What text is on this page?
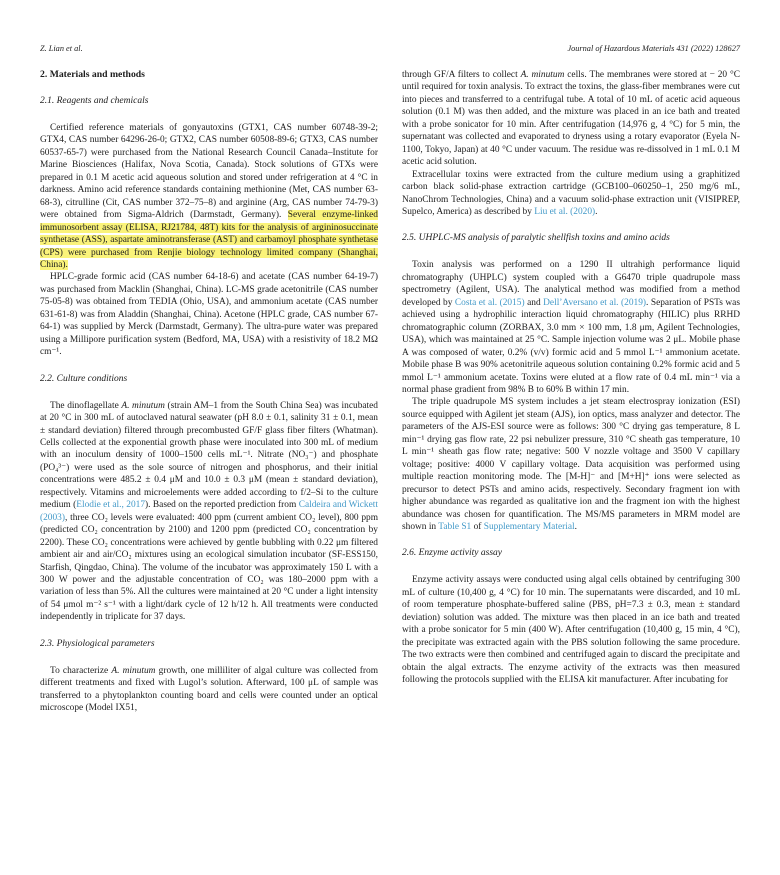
Z. Lian et al.	Journal of Hazardous Materials 431 (2022) 128627
2. Materials and methods
2.1. Reagents and chemicals

Certified reference materials of gonyautoxins (GTX1, CAS number 60748-39-2; GTX4, CAS number 64296-26-0; GTX2, CAS number 60508-89-6; GTX3, CAS number 60537-65-7) were purchased from the National Research Council Canada–Institute for Marine Biosciences (Halifax, Nova Scotia, Canada). Stock solutions of GTXs were prepared in 0.1 M acetic acid aqueous solution and stored under refrigeration at 4 °C in darkness. Amino acid reference standards containing methionine (Met, CAS number 63-68-3), citrulline (Cit, CAS number 372–75–8) and arginine (Arg, CAS number 74-79-3) were obtained from Sigma-Aldrich (Darmstadt, Germany). Several enzyme-linked immunosorbent assay (ELISA, RJ21784, 48T) kits for the analysis of argininosuccinate synthetase (ASS), aspartate aminotransferase (AST) and carbamoyl phosphate synthetase (CPS) were purchased from Renjie biology technology limited company (Shanghai, China).

HPLC-grade formic acid (CAS number 64-18-6) and acetate (CAS number 64-19-7) was purchased from Macklin (Shanghai, China). LC-MS grade acetonitrile (CAS number 75-05-8) was obtained from TEDIA (Ohio, USA), and ammonium acetate (CAS number 631-61-8) was from Aladdin (Shanghai, China). Acetone (HPLC grade, CAS number 67-64-1) was supplied by Merck (Darmstadt, Germany). The ultra-pure water was prepared using a Millipore purification system (Bedford, MA, USA) with a resistivity of 18.2 MΩ cm⁻¹.

2.2. Culture conditions

The dinoflagellate A. minutum (strain AM–1 from the South China Sea) was incubated at 20 °C in 300 mL of autoclaved natural seawater (pH 8.0 ± 0.1, salinity 31 ± 0.1, mean ± standard deviation) filtered through precombusted GF/F glass fiber filters (Whatman). Cells collected at the exponential growth phase were inoculated into 300 mL of medium with an inoculum density of 1000–1500 cells mL⁻¹. Nitrate (NO₃⁻) and phosphate (PO₄³⁻) were used as the sole source of nitrogen and phosphorus, and their initial concentrations were 485.2 ± 0.4 μM and 10.0 ± 0.3 μM (mean ± standard deviation), respectively. Vitamins and microelements were added according to f/2–Si to the culture medium (Elodie et al., 2017). Based on the reported prediction from Caldeira and Wickett (2003), three CO₂ levels were evaluated: 400 ppm (current ambient CO₂ level), 800 ppm (predicted CO₂ concentration by 2100) and 1200 ppm (predicted CO₂ concentration by 2200). These CO₂ concentrations were achieved by gentle bubbling with 0.22 μm filtered ambient air and air/CO₂ mixtures using an ecological simulation incubator (SF-ESS150, Starfish, Qingdao, China). The volume of the incubator was approximately 150 L with a 300 W power and the adjustable concentration of CO₂ was 180–2000 ppm with a variation of less than 5%. All the cultures were maintained at 20 °C under a light intensity of 54 μmol m⁻² s⁻¹ with a light/dark cycle of 12 h/12 h. All treatments were conducted independently in triplicate for 37 days.

2.3. Physiological parameters

To characterize A. minutum growth, one milliliter of algal culture was collected from different treatments and fixed with Lugol’s solution. Afterward, 100 μL of sample was transferred to a phytoplankton counting board and cells were counted under an optical microscope (Model IX51,

through GF/A filters to collect A. minutum cells. The membranes were stored at − 20 °C until required for toxin analysis. To extract the toxins, the glass-fiber membranes were cut into pieces and transferred to a centrifugal tube. A total of 10 mL of acetic acid aqueous solution (0.1 M) was then added, and the mixture was placed in an ice bath and treated with a probe sonicator for 10 min. After centrifugation (14,976 g, 4 °C) for 5 min, the supernatant was collected and evaporated to dryness using a rotary evaporator (Eyela N-1100, Tokyo, Japan) at 40 °C under vacuum. The residue was re-dissolved in 1 mL 0.1 M acetic acid solution.

Extracellular toxins were extracted from the culture medium using a graphitized carbon black solid-phase extraction cartridge (GCB100–060250–1, 250 mg/6 mL, NanoChrom Technologies, China) and a vacuum solid-phase extraction unit (VISIPREP, Supelco, America) as described by Liu et al. (2020).

2.5. UHPLC-MS analysis of paralytic shellfish toxins and amino acids

Toxin analysis was performed on a 1290 II ultrahigh performance liquid chromatography (UHPLC) system coupled with a G6470 triple quadrupole mass spectrometry (Agilent, USA). The analytical method was modified from a method developed by Costa et al. (2015) and Dell’Aversano et al. (2019). Separation of PSTs was achieved using a hydrophilic interaction liquid chromatography (HILIC) plus RRHD chromatographic column (ZORBAX, 3.0 mm × 100 mm, 1.8 μm, Agilent Technologies, USA), which was maintained at 25 °C. Sample injection volume was 2 μL. Mobile phase A was composed of water, 0.2% (v/v) formic acid and 5 mmol L⁻¹ ammonium acetate. Mobile phase B was 90% acetonitrile aqueous solution containing 0.2% formic acid and 5 mmol L⁻¹ ammonium acetate. Toxins were eluted at a flow rate of 0.4 mL min⁻¹ via a normal phase gradient from 98% B to 60% B within 17 min.

The triple quadrupole MS system includes a jet steam electrospray ionization (ESI) source equipped with Agilent jet steam (AJS), ion optics, mass analyzer and detector. The parameters of the AJS-ESI source were as follows: 300 °C drying gas temperature, 8 L min⁻¹ drying gas flow rate, 22 psi nebulizer pressure, 310 °C sheath gas temperature, 10 L min⁻¹ sheath gas flow rate; negative: 500 V nozzle voltage and 3500 V capillary voltage; positive: 4000 V capillary voltage. Data acquisition was performed using multiple reaction monitoring mode. The [M-H]⁻ and [M+H]⁺ ions were selected as precursor to detect PSTs and amino acids, respectively. Secondary fragment ion with higher abundance was regarded as qualitative ion and the fragment ion with the highest abundance was chosen for quantification. The MS/MS parameters in MRM model are shown in Table S1 of Supplementary Material.

2.6. Enzyme activity assay

Enzyme activity assays were conducted using algal cells obtained by centrifuging 300 mL of culture (10,400 g, 4 °C) for 10 min. The supernatants were discarded, and 10 mL of room temperature phosphate-buffered saline (PBS, pH=7.3 ± 0.3, mean ± standard deviation) solution was added. The mixture was then placed in an ice bath and treated with a probe sonicator for 5 min (400 W). After centrifugation (10,400 g, 15 min, 4 °C), the precipitate was extracted again with the PBS solution following the same procedure. The two extracts were then combined and centrifuged again to discard the precipitate and obtain the algal extracts. The enzyme activity of the extracts was then measured following the protocols supplied with the ELISA kit manufacturer. After incubating for
